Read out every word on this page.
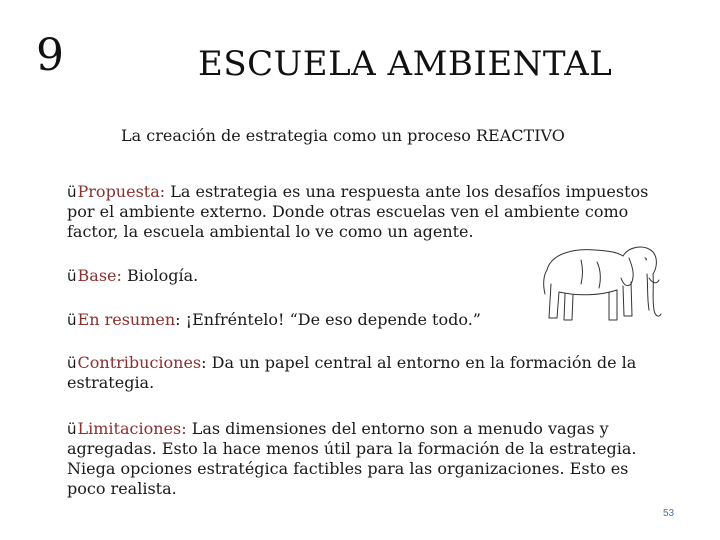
9	ESCUELA AMBIENTAL
La creación de estrategia como un proceso REACTIVO
üPropuesta: La estrategia es una respuesta ante los desafíos impuestos por el ambiente externo. Donde otras escuelas ven el ambiente como factor, la escuela ambiental lo ve como un agente.
üBase: Biología.
üEn resumen: ¡Enfréntelo! “De eso depende todo.”
üContribuciones: Da un papel central al entorno en la formación de la estrategia.
üLimitaciones: Las dimensiones del entorno son a menudo vagas y agregadas. Esto la hace menos útil para la formación de la estrategia. Niega opciones estratégica factibles para las organizaciones. Esto es poco realista.
53
